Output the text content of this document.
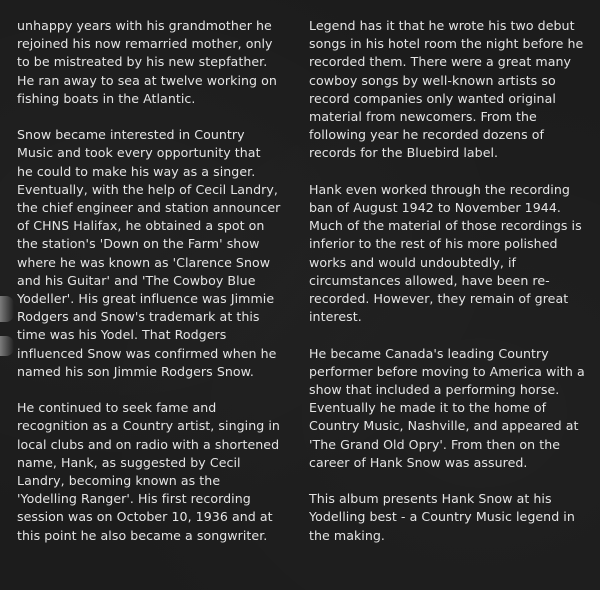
unhappy years with his grandmother he
rejoined his now remarried mother, only
to be mistreated by his new stepfather.
He ran away to sea at twelve working on
fishing boats in the Atlantic.

Snow became interested in Country
Music and took every opportunity that
he could to make his way as a singer.
Eventually, with the help of Cecil Landry,
the chief engineer and station announcer
of CHNS Halifax, he obtained a spot on
the station's 'Down on the Farm' show
where he was known as 'Clarence Snow
and his Guitar' and 'The Cowboy Blue
Yodeller'. His great influence was Jimmie
Rodgers and Snow's trademark at this
time was his Yodel. That Rodgers
influenced Snow was confirmed when he
named his son Jimmie Rodgers Snow.

He continued to seek fame and
recognition as a Country artist, singing in
local clubs and on radio with a shortened
name, Hank, as suggested by Cecil
Landry, becoming known as the
'Yodelling Ranger'. His first recording
session was on October 10, 1936 and at
this point he also became a songwriter.

Legend has it that he wrote his two debut
songs in his hotel room the night before he
recorded them. There were a great many
cowboy songs by well-known artists so
record companies only wanted original
material from newcomers. From the
following year he recorded dozens of
records for the Bluebird label.

Hank even worked through the recording
ban of August 1942 to November 1944.
Much of the material of those recordings is
inferior to the rest of his more polished
works and would undoubtedly, if
circumstances allowed, have been re-
recorded. However, they remain of great
interest.

He became Canada's leading Country
performer before moving to America with a
show that included a performing horse.
Eventually he made it to the home of
Country Music, Nashville, and appeared at
'The Grand Old Opry'. From then on the
career of Hank Snow was assured.

This album presents Hank Snow at his
Yodelling best - a Country Music legend in
the making.
